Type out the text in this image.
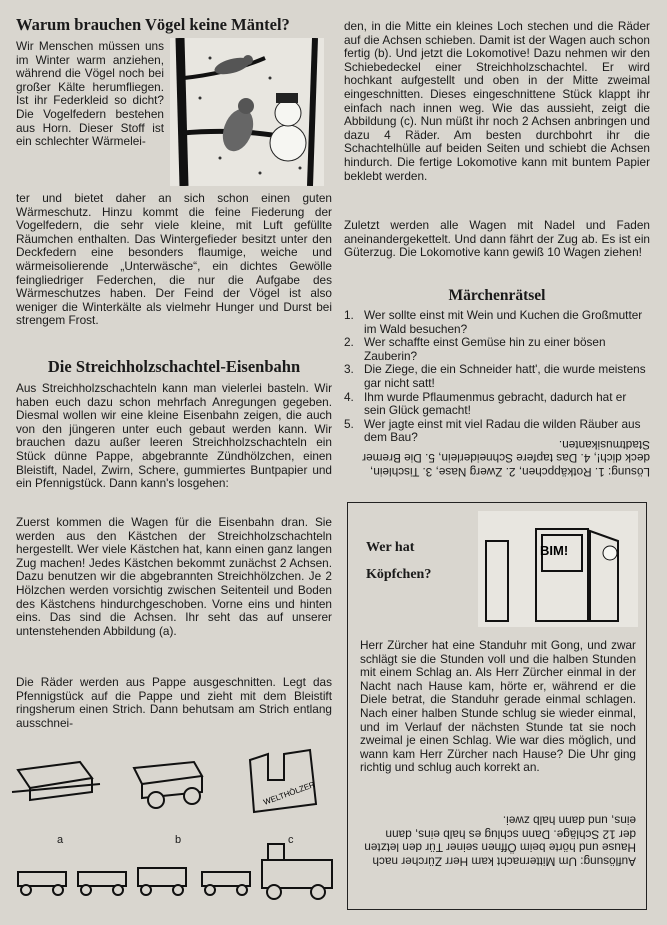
Warum brauchen Vögel keine Mäntel?

Wir Menschen müssen uns im Winter warm anziehen, während die Vögel noch bei großer Kälte herumfliegen. Ist ihr Federkleid so dicht? Die Vogelfedern bestehen aus Horn. Dieser Stoff ist ein schlechter Wärmelei-

ter und bietet daher an sich schon einen guten Wärmeschutz. Hinzu kommt die feine Fiederung der Vogelfedern, die sehr viele kleine, mit Luft gefüllte Räumchen enthalten. Das Wintergefieder besitzt unter den Deckfedern eine besonders flaumige, weiche und wärmeisolierende „Unterwäsche“, ein dichtes Gewölle feingliedriger Federchen, die nur die Aufgabe des Wärmeschutzes haben. Der Feind der Vögel ist also weniger die Winterkälte als vielmehr Hunger und Durst bei strengem Frost.

Die Streichholzschachtel-Eisenbahn

Aus Streichholzschachteln kann man vielerlei basteln. Wir haben euch dazu schon mehrfach Anregungen gegeben. Diesmal wollen wir eine kleine Eisenbahn zeigen, die auch von den jüngeren unter euch gebaut werden kann. Wir brauchen dazu außer leeren Streichholzschachteln ein Stück dünne Pappe, abgebrannte Zündhölzchen, einen Bleistift, Nadel, Zwirn, Schere, gummiertes Buntpapier und ein Pfennigstück. Dann kann's losgehen:

Zuerst kommen die Wagen für die Eisenbahn dran. Sie werden aus den Kästchen der Streichholzschachteln hergestellt. Wer viele Kästchen hat, kann einen ganz langen Zug machen! Jedes Kästchen bekommt zunächst 2 Achsen. Dazu benutzen wir die abgebrannten Streichhölzchen. Je 2 Hölzchen werden vorsichtig zwischen Seitenteil und Boden des Kästchens hindurchgeschoben. Vorne eins und hinten eins. Das sind die Achsen. Ihr seht das auf unserer untenstehenden Abbildung (a).

Die Räder werden aus Pappe ausgeschnitten. Legt das Pfennigstück auf die Pappe und zieht mit dem Bleistift ringsherum einen Strich. Dann behutsam am Strich entlang ausschnei-

WELTHÖLZER
a	b	c

den, in die Mitte ein kleines Loch stechen und die Räder auf die Achsen schieben. Damit ist der Wagen auch schon fertig (b). Und jetzt die Lokomotive! Dazu nehmen wir den Schiebedeckel einer Streichholzschachtel. Er wird hochkant aufgestellt und oben in der Mitte zweimal eingeschnitten. Dieses eingeschnittene Stück klappt ihr einfach nach innen weg. Wie das aussieht, zeigt die Abbildung (c). Nun müßt ihr noch 2 Achsen anbringen und dazu 4 Räder. Am besten durchbohrt ihr die Schachtelhülle auf beiden Seiten und schiebt die Achsen hindurch. Die fertige Lokomotive kann mit buntem Papier beklebt werden.

Zuletzt werden alle Wagen mit Nadel und Faden aneinandergekettelt. Und dann fährt der Zug ab. Es ist ein Güterzug. Die Lokomotive kann gewiß 10 Wagen ziehen!

Märchenrätsel
1. Wer sollte einst mit Wein und Kuchen die Großmutter im Wald besuchen?
2. Wer schaffte einst Gemüse hin zu einer bösen Zauberin?
3. Die Ziege, die ein Schneider hatt', die wurde meistens gar nicht satt!
4. Ihm wurde Pflaumenmus gebracht, dadurch hat er sein Glück gemacht!
5. Wer jagte einst mit viel Radau die wilden Räuber aus dem Bau?
Lösung: 1. Rotkäppchen, 2. Zwerg Nase, 3. Tischlein, deck dich!, 4. Das tapfere Schneiderlein, 5. Die Bremer Stadtmusikanten.
Wer hat
Köpfchen?
BIM!
Herr Zürcher hat eine Standuhr mit Gong, und zwar schlägt sie die Stunden voll und die halben Stunden mit einem Schlag an. Als Herr Zürcher einmal in der Nacht nach Hause kam, hörte er, während er die Diele betrat, die Standuhr gerade einmal schlagen. Nach einer halben Stunde schlug sie wieder einmal, und im Verlauf der nächsten Stunde tat sie noch zweimal je einen Schlag. Wie war dies möglich, und wann kam Herr Zürcher nach Hause? Die Uhr ging richtig und schlug auch korrekt an.
Auflösung: Um Mitternacht kam Herr Zürcher nach Hause und hörte beim Öffnen seiner Tür den letzten der 12 Schläge. Dann schlug es halb eins, dann eins, und dann halb zwei.
